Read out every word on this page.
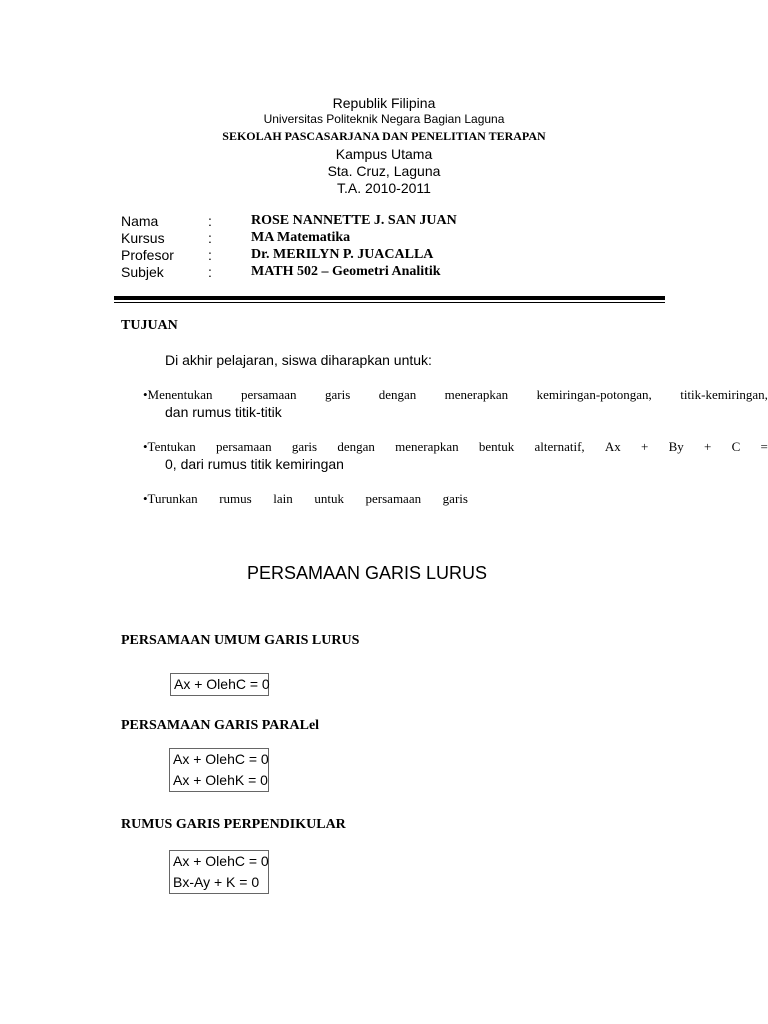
Republik Filipina
Universitas Politeknik Negara Bagian Laguna
SEKOLAH PASCASARJANA DAN PENELITIAN TERAPAN
Kampus Utama
Sta. Cruz, Laguna
T.A. 2010-2011
Nama	:	ROSE NANNETTE J. SAN JUAN
Kursus	:	MA Matematika
Profesor :	Dr. MERILYN P. JUACALLA
Subjek	:	MATH 502 – Geometri Analitik
TUJUAN
Di akhir pelajaran, siswa diharapkan untuk:
•Menentukan persamaan garis dengan menerapkan kemiringan-potongan, titik-kemiringan,
dan rumus titik-titik
•Tentukan persamaan garis dengan menerapkan bentuk alternatif, Ax + By + C =
0, dari rumus titik kemiringan
•Turunkan rumus lain untuk persamaan garis
PERSAMAAN GARIS LURUS
PERSAMAAN UMUM GARIS LURUS
Ax + OlehC = 0
PERSAMAAN GARIS PARALel
Ax + OlehC = 0
Ax + OlehK = 0
RUMUS GARIS PERPENDIKULAR
Ax + OlehC = 0
Bx-Ay + K = 0
